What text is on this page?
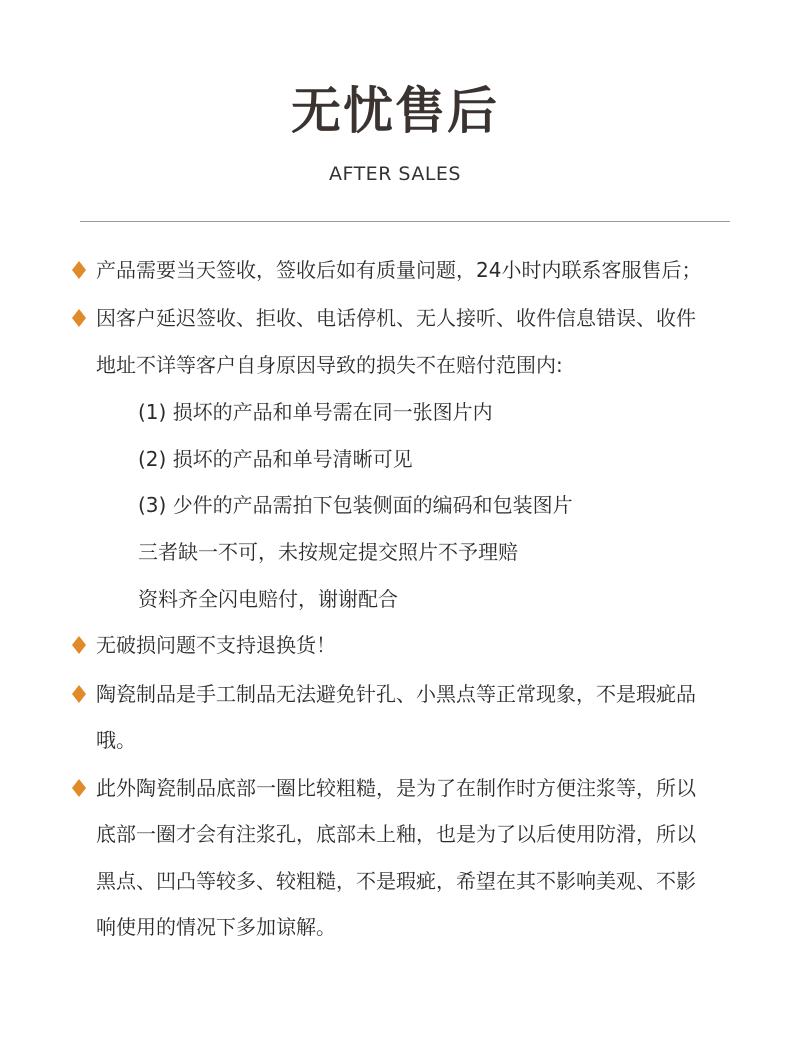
无忧售后
AFTER SALES
产品需要当天签收，签收后如有质量问题，24小时内联系客服售后；
因客户延迟签收、拒收、电话停机、无人接听、收件信息错误、收件
地址不详等客户自身原因导致的损失不在赔付范围内:
(1) 损坏的产品和单号需在同一张图片内
(2) 损坏的产品和单号清晰可见
(3) 少件的产品需拍下包装侧面的编码和包装图片
三者缺一不可，未按规定提交照片不予理赔
资料齐全闪电赔付，谢谢配合
无破损问题不支持退换货！
陶瓷制品是手工制品无法避免针孔、小黑点等正常现象，不是瑕疵品
哦。
此外陶瓷制品底部一圈比较粗糙，是为了在制作时方便注浆等，所以
底部一圈才会有注浆孔，底部未上釉，也是为了以后使用防滑，所以
黑点、凹凸等较多、较粗糙，不是瑕疵，希望在其不影响美观、不影
响使用的情况下多加谅解。
